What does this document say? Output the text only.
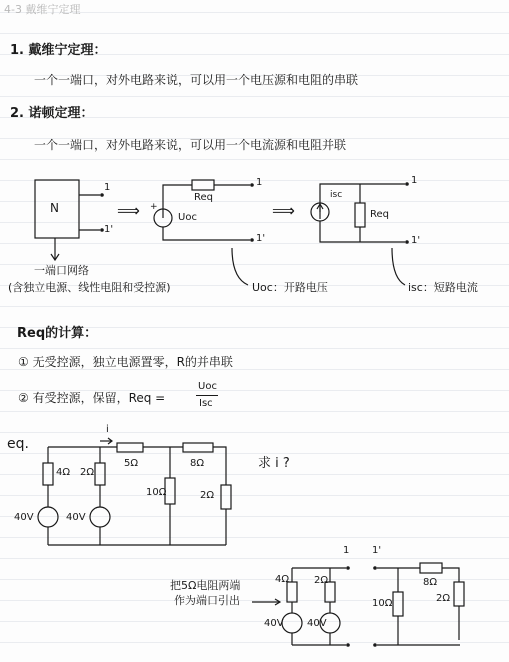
4-3 戴维宁定理
1. 戴维宁定理：
一个一端口，对外电路来说，可以用一个电压源和电阻的串联
2. 诺顿定理：
一个一端口，对外电路来说，可以用一个电流源和电阻并联
N
1
1'
⟹
Req
Uoc
+
1
1'
⟹
isc
Req
1
1'
一端口网络
(含独立电源、线性电阻和受控源)	Uoc：开路电压	isc：短路电流
Req的计算：
① 无受控源，独立电源置零，R的并串联
② 有受控源，保留，Req =
Uoc
Isc
eq.
求 i ?
i
5Ω	8Ω
4Ω 2Ω
10Ω	2Ω
40V	40V
1 1'
8Ω
4Ω 2Ω
10Ω	2Ω
40V 40V
把5Ω电阻两端
作为端口引出
